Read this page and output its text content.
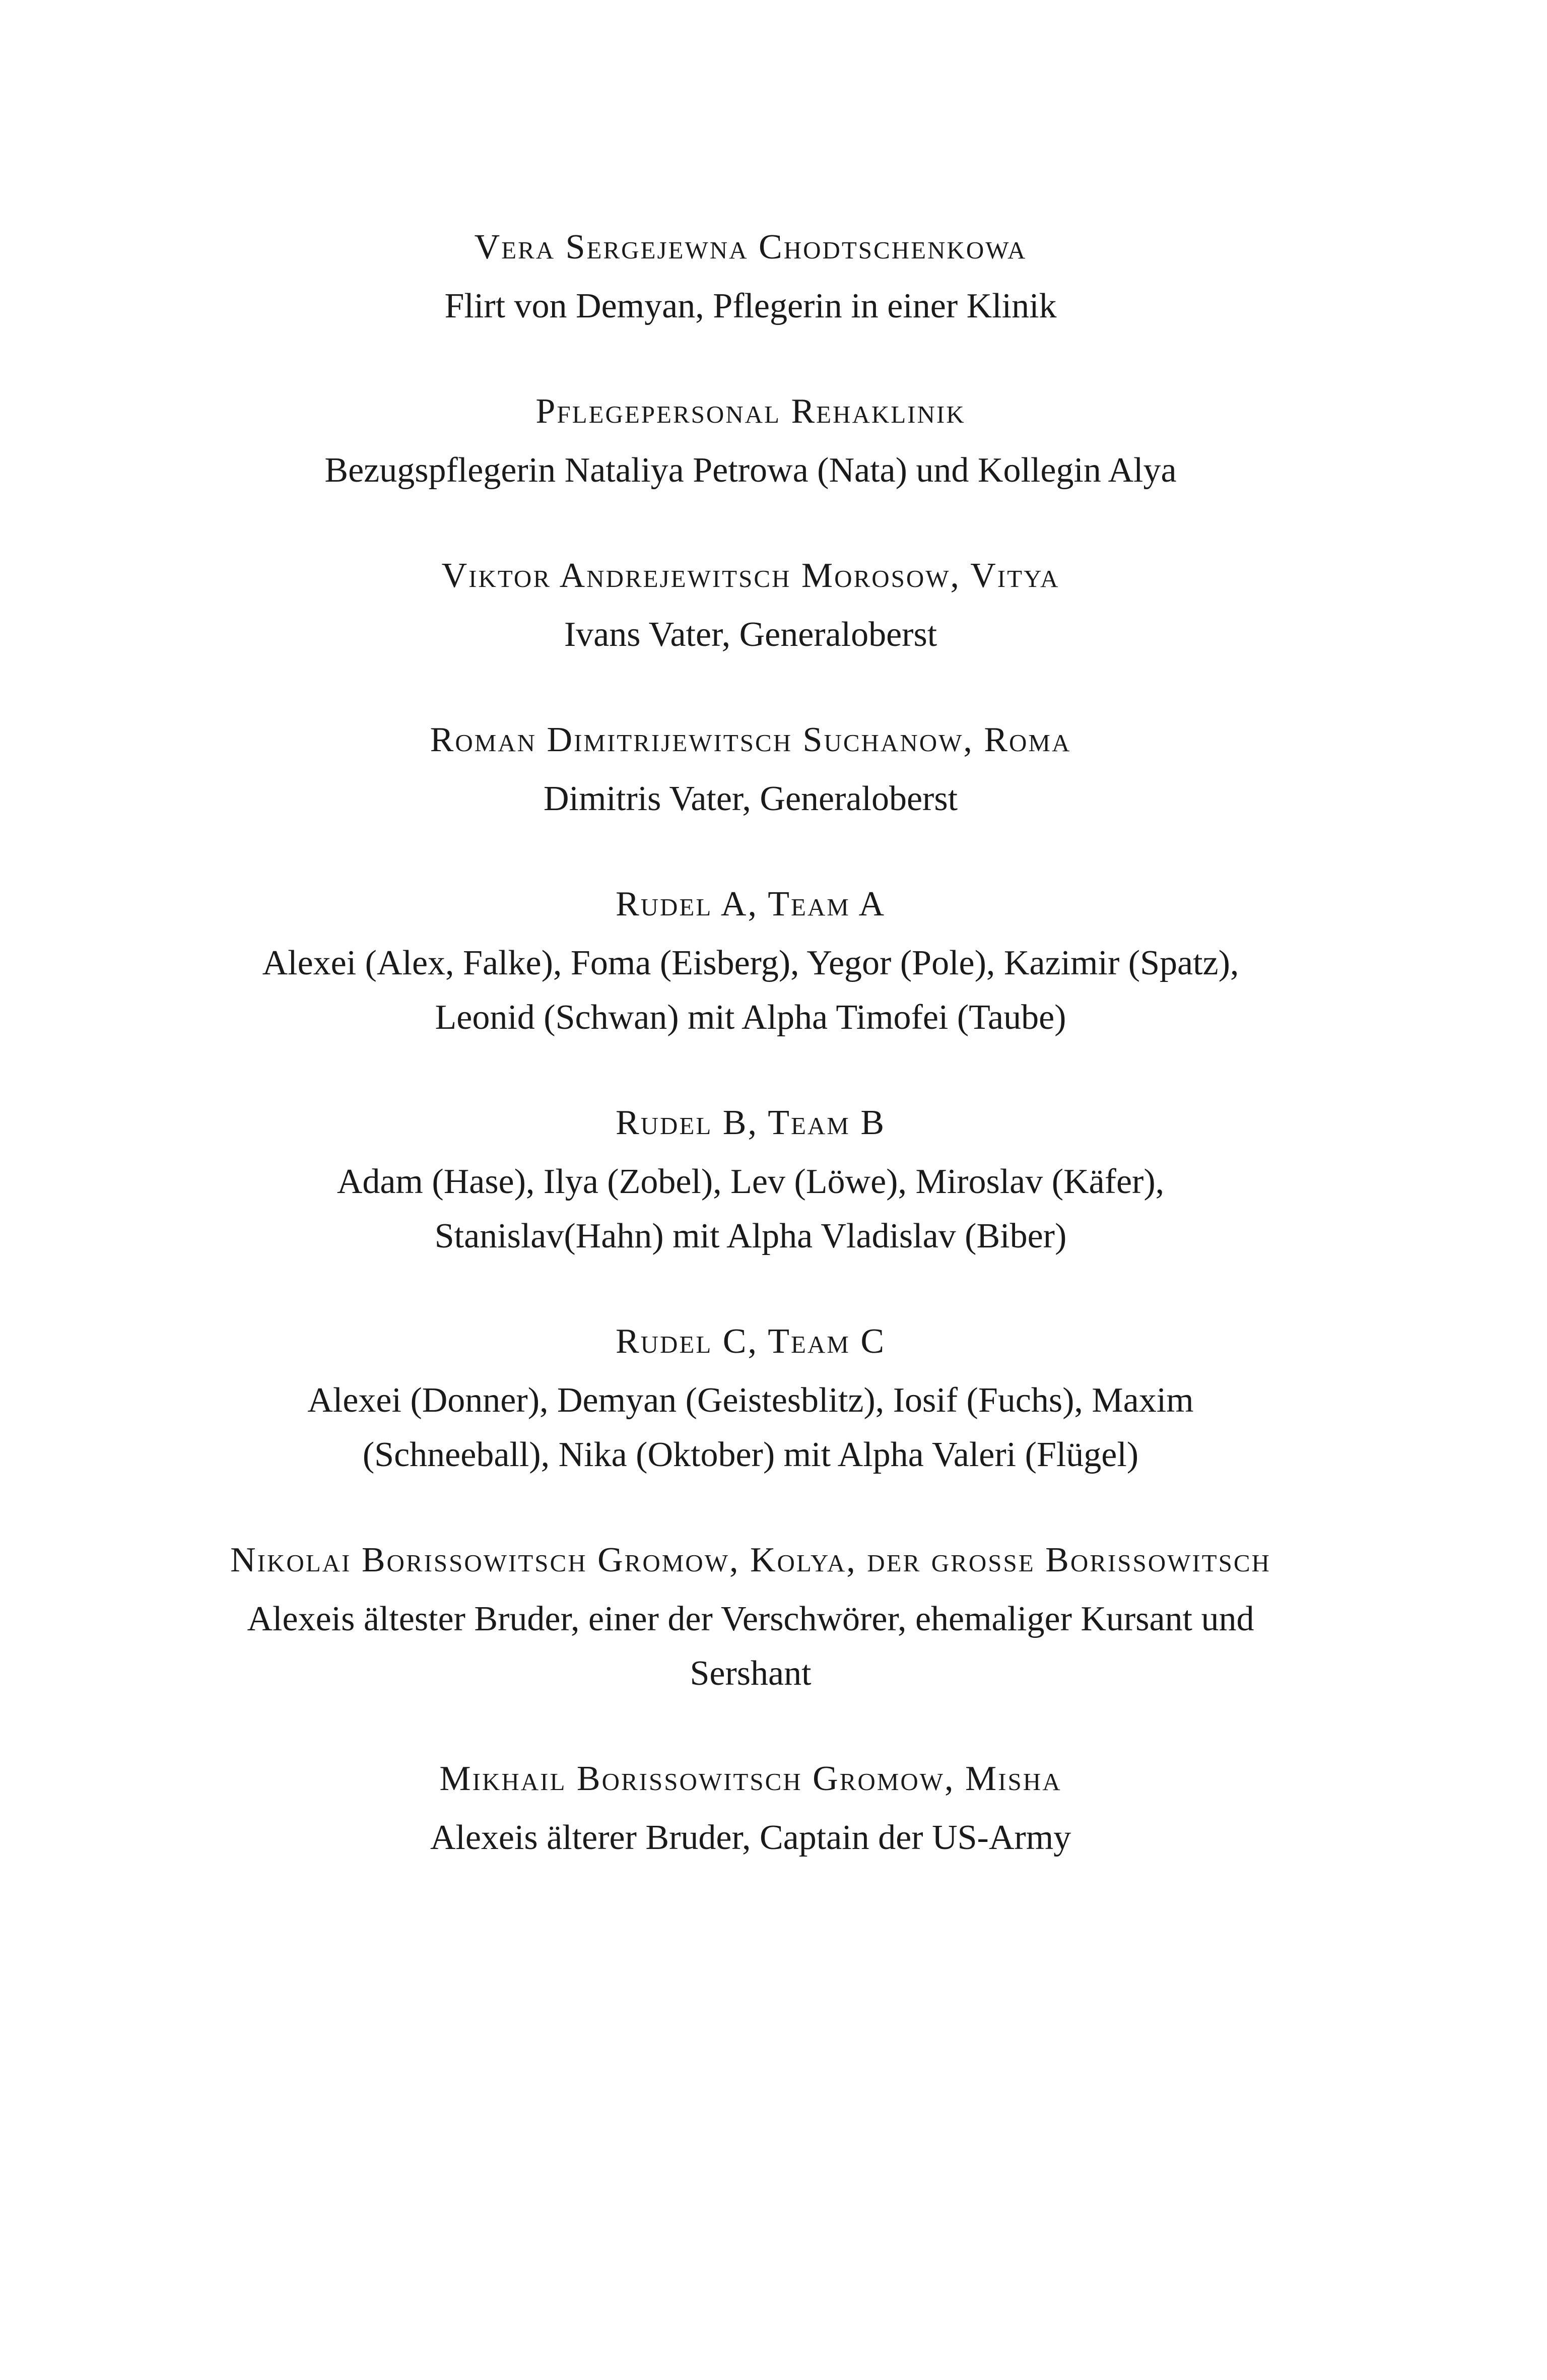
Vera Sergejewna Chodtschenkowa
Flirt von Demyan, Pflegerin in einer Klinik
Pflegepersonal Rehaklinik
Bezugspflegerin Nataliya Petrowa (Nata) und Kollegin Alya
Viktor Andrejewitsch Morosow, Vitya
Ivans Vater, Generaloberst
Roman Dimitrijewitsch Suchanow, Roma
Dimitris Vater, Generaloberst
Rudel A, Team A
Alexei (Alex, Falke), Foma (Eisberg), Yegor (Pole), Kazimir (Spatz), Leonid (Schwan) mit Alpha Timofei (Taube)
Rudel B, Team B
Adam (Hase), Ilya (Zobel), Lev (Löwe), Miroslav (Käfer), Stanislav(Hahn) mit Alpha Vladislav (Biber)
Rudel C, Team C
Alexei (Donner), Demyan (Geistesblitz), Iosif (Fuchs), Maxim (Schneeball), Nika (Oktober) mit Alpha Valeri (Flügel)
Nikolai Borissowitsch Gromow, Kolya, der grosse Borissowitsch
Alexeis ältester Bruder, einer der Verschwörer, ehemaliger Kursant und Sershant
Mikhail Borissowitsch Gromow, Misha
Alexeis älterer Bruder, Captain der US-Army
